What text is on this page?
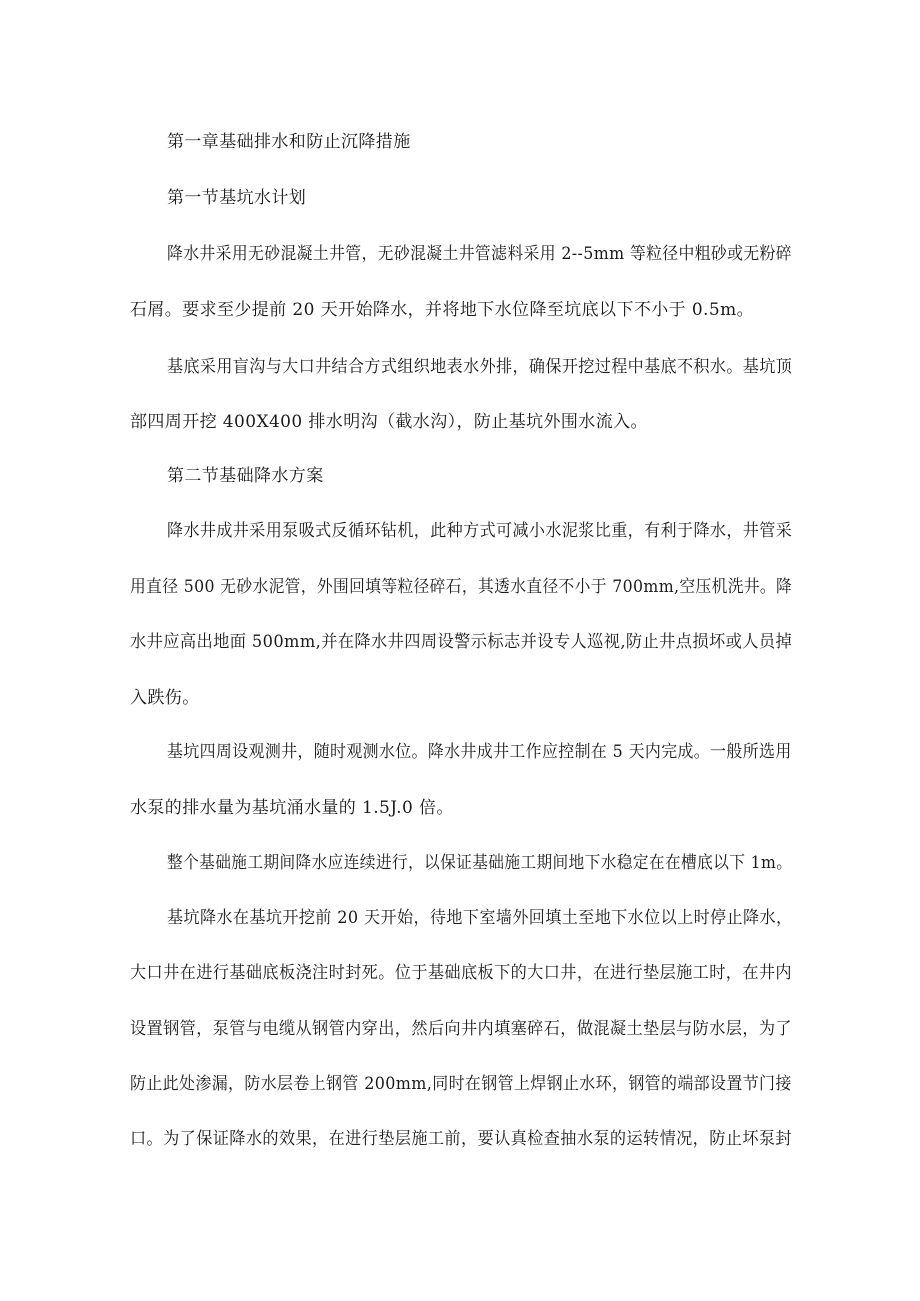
第一章基础排水和防止沉降措施
第一节基坑水计划
降水井采用无砂混凝土井管，无砂混凝土井管滤料采用 2--5mm 等粒径中粗砂或无粉碎
石屑。要求至少提前 20 天开始降水，并将地下水位降至坑底以下不小于 0.5m。
基底采用盲沟与大口井结合方式组织地表水外排，确保开挖过程中基底不积水。基坑顶
部四周开挖 400X400 排水明沟（截水沟），防止基坑外围水流入。
第二节基础降水方案
降水井成井采用泵吸式反循环钻机，此种方式可减小水泥浆比重，有利于降水，井管采
用直径 500 无砂水泥管，外围回填等粒径碎石，其透水直径不小于 700mm,空压机洗井。降
水井应高出地面 500mm,并在降水井四周设警示标志并设专人巡视,防止井点损坏或人员掉
入跌伤。
基坑四周设观测井，随时观测水位。降水井成井工作应控制在 5 天内完成。一般所选用
水泵的排水量为基坑涌水量的 1.5J.0 倍。
整个基础施工期间降水应连续进行，以保证基础施工期间地下水稳定在在槽底以下 1m。
基坑降水在基坑开挖前 20 天开始，待地下室墙外回填土至地下水位以上时停止降水，
大口井在进行基础底板浇注时封死。位于基础底板下的大口井，在进行垫层施工时，在井内
设置钢管，泵管与电缆从钢管内穿出，然后向井内填塞碎石，做混凝土垫层与防水层，为了
防止此处渗漏，防水层卷上钢管 200mm,同时在钢管上焊钢止水环，钢管的端部设置节门接
口。为了保证降水的效果，在进行垫层施工前，要认真检查抽水泵的运转情况，防止坏泵封
